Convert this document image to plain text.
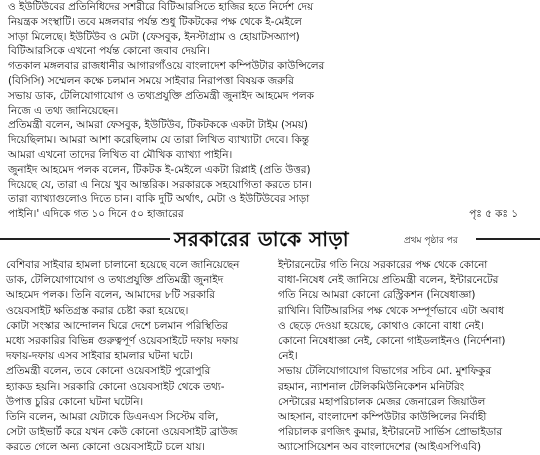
ও ইউটিউবের প্রতিনিধিদের সশরীরে বিটিআরসিতে হাজির হতে নির্দেশ দেয়
নিয়ন্ত্রক সংস্থাটি। তবে মঙ্গলবার পর্যন্ত শুধু টিকটকের পক্ষ থেকে ই-মেইলে
সাড়া মিলেছে। ইউটিউব ও মেটা (ফেসবুক, ইনস্টাগ্রাম ও হোয়াটসঅ্যাপ)
বিটিআরসিকে এখনো পর্যন্ত কোনো জবাব দেয়নি।
গতকাল মঙ্গলবার রাজধানীর আগারগাঁওয়ে বাংলাদেশ কম্পিউটার কাউন্সিলের
(বিসিসি) সম্মেলন কক্ষে চলমান সময়ে সাইবার নিরাপত্তা বিষয়ক জরুরি
সভায় ডাক, টেলিযোগাযোগ ও তথ্যপ্রযুক্তি প্রতিমন্ত্রী জুনাইদ আহমেদ পলক
নিজে এ তথ্য জানিয়েছেন।
প্রতিমন্ত্রী বলেন, আমরা ফেসবুক, ইউটিউব, টিকটককে একটা টাইম (সময়)
দিয়েছিলাম। আমরা আশা করেছিলাম যে তারা লিখিত ব্যাখ্যাটা দেবে। কিন্তু
আমরা এখনো তাদের লিখিত বা মৌখিক ব্যাখ্যা পাইনি।
জুনাইদ আহমেদ পলক বলেন, টিকটক ই-মেইলে একটা রিপ্লাই (প্রতি উত্তর)
দিয়েছে যে, তারা এ নিয়ে খুব আন্তরিক। সরকারকে সহযোগিতা করতে চান।
তারা ব্যাখ্যাগুলোও দিতে চান। বাকি দুটি অর্থাৎ, মেটা ও ইউটিউবের সাড়া
পাইনি।' এদিকে গত ১০ দিনে ৫০ হাজারের	পৃঃ ৫ কঃ ১
সরকারের ডাকে সাড়া	প্রথম পৃষ্ঠার পর
বেশিবার সাইবার হামলা চালানো হয়েছে বলে জানিয়েছেন
ডাক, টেলিযোগাযোগ ও তথ্যপ্রযুক্তি প্রতিমন্ত্রী জুনাইদ
আহমেদ পলক। তিনি বলেন, আমাদের ৮টি সরকারি
ওয়েবসাইট ক্ষতিগ্রস্ত করার চেষ্টা করা হয়েছে।
কোটা সংস্কার আন্দোলন ঘিরে দেশে চলমান পরিস্থিতির
মধ্যে সরকারির বিভিন্ন গুরুত্বপূর্ণ ওয়েবসাইটে দফায় দফায়
দফায়-দফায় এসব সাইবার হামলার ঘটনা ঘটে।
প্রতিমন্ত্রী বলেন, তবে কোনো ওয়েবসাইট পুরোপুরি
হ্যাকড হয়নি। সরকারি কোনো ওয়েবসাইট থেকে তথ্য-
উপাত্ত চুরির কোনো ঘটনা ঘটেনি।
তিনি বলেন, আমরা যেটাকে ডিএনএস সিস্টেম বলি,
সেটা ডাইভার্ট করে যখন কেউ কোনো ওয়েবসাইট ব্রাউজ
করতে গেলে অন্য কোনো ওয়েবসাইটে চলে যায়।
ইন্টারনেটের গতি নিয়ে সরকারের পক্ষ থেকে কোনো
বাধা-নিষেধ নেই জানিয়ে প্রতিমন্ত্রী বলেন, ইন্টারনেটের
গতি নিয়ে আমরা কোনো রেস্ট্রিকশন (নিষেধাজ্ঞা)
রাখিনি। বিটিআরসির পক্ষ থেকে সম্পূর্ণভাবে এটা অবাধ
ও ছেড়ে দেওয়া হয়েছে, কোথাও কোনো বাধা নেই।
কোনো নিষেধাজ্ঞা নেই, কোনো গাইডলাইনও (নির্দেশনা)
নেই।
সভায় টেলিযোগাযোগ বিভাগের সচিব মো. মুশফিকুর
রহমান, ন্যাশনাল টেলিকমিউনিকেশন মনিটরিং
সেন্টারের মহাপরিচালক মেজর জেনারেল জিয়াউল
আহসান, বাংলাদেশ কম্পিউটার কাউন্সিলের নির্বাহী
পরিচালক রণজিৎ কুমার, ইন্টারনেট সার্ভিস প্রোভাইডার
অ্যাসোসিয়েশন অব বাংলাদেশের (আইএসপিএবি)
